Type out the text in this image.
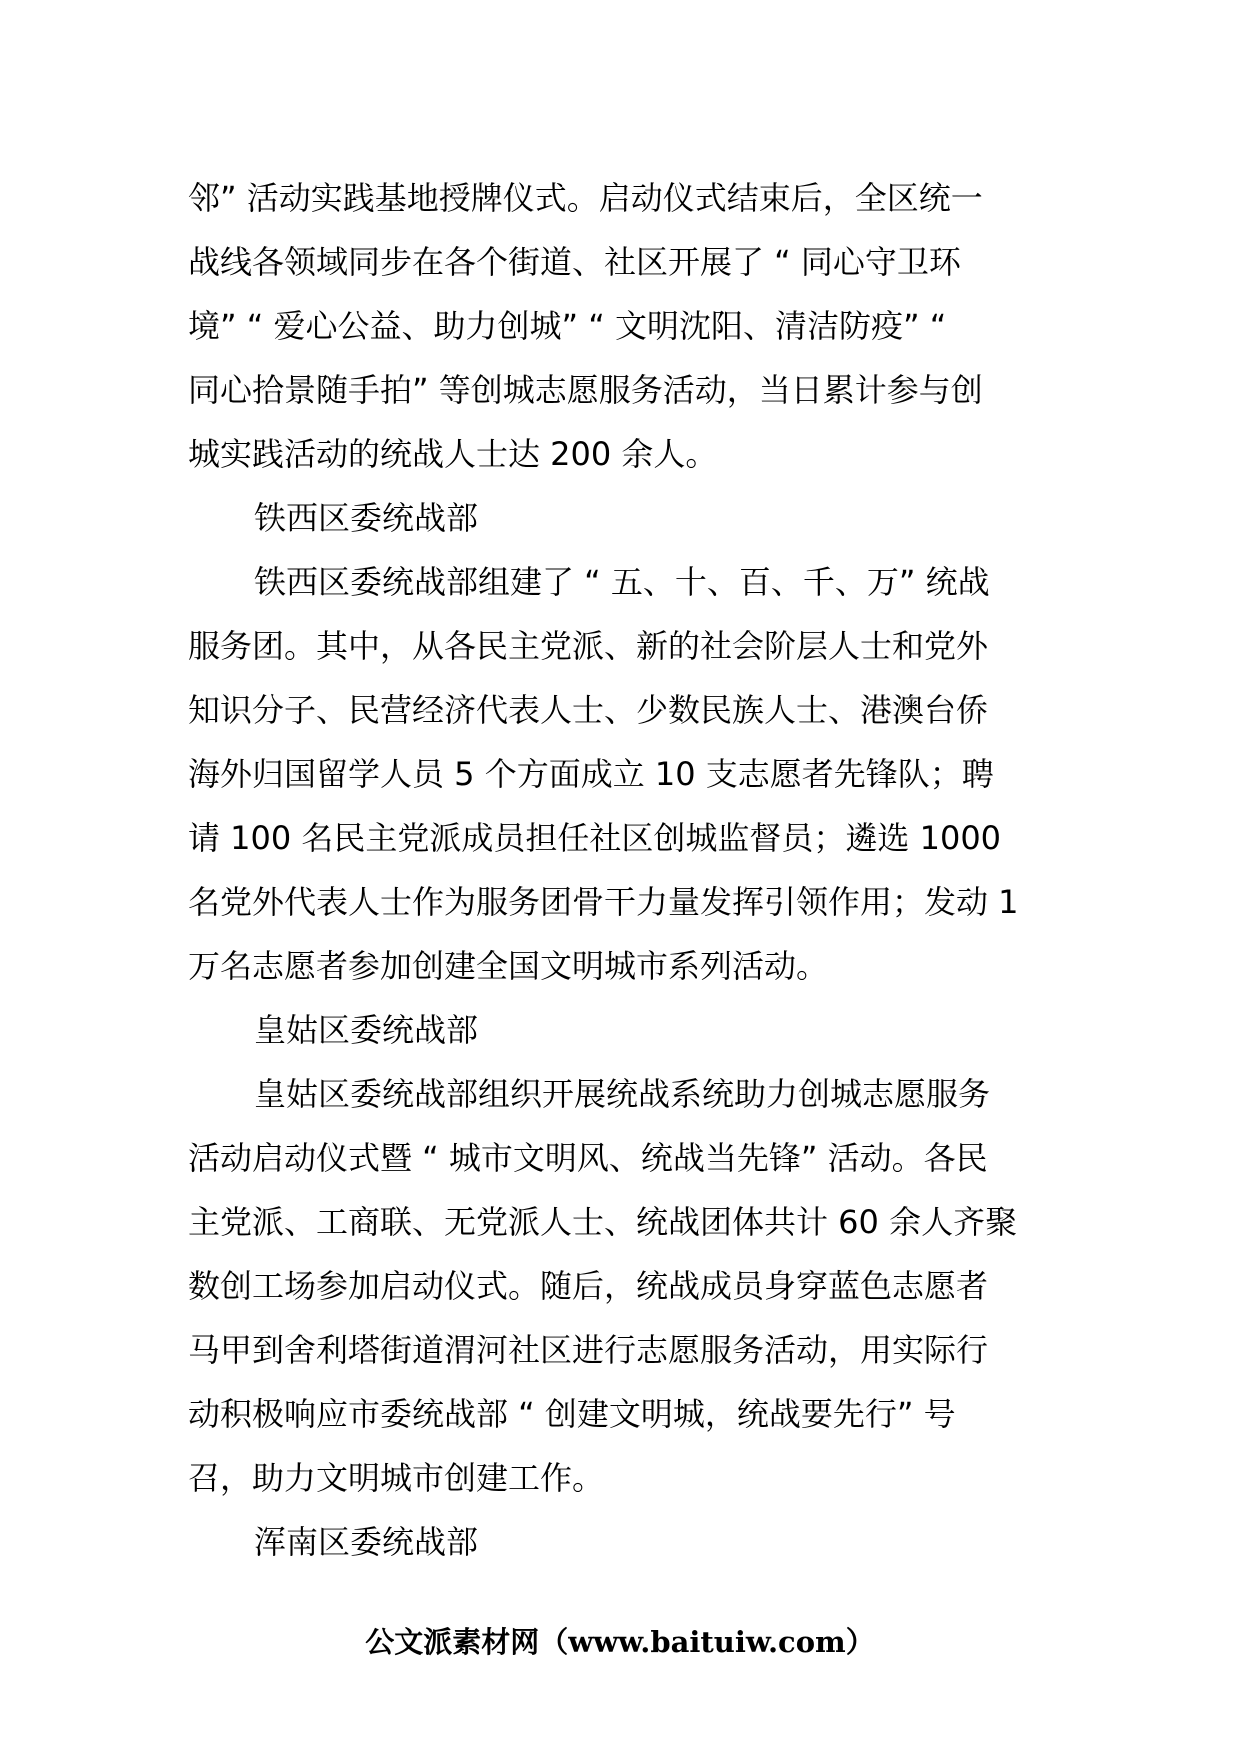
邻” 活动实践基地授牌仪式。启动仪式结束后，全区统一
战线各领域同步在各个街道、社区开展了 “ 同心守卫环
境” “ 爱心公益、助力创城” “ 文明沈阳、清洁防疫” “
同心拾景随手拍” 等创城志愿服务活动，当日累计参与创
城实践活动的统战人士达 200 余人。
铁西区委统战部
铁西区委统战部组建了 “ 五、十、百、千、万” 统战
服务团。其中，从各民主党派、新的社会阶层人士和党外
知识分子、民营经济代表人士、少数民族人士、港澳台侨
海外归国留学人员 5 个方面成立 10 支志愿者先锋队；聘
请 100 名民主党派成员担任社区创城监督员；遴选 1000
名党外代表人士作为服务团骨干力量发挥引领作用；发动 1
万名志愿者参加创建全国文明城市系列活动。
皇姑区委统战部
皇姑区委统战部组织开展统战系统助力创城志愿服务
活动启动仪式暨 “ 城市文明风、统战当先锋” 活动。各民
主党派、工商联、无党派人士、统战团体共计 60 余人齐聚
数创工场参加启动仪式。随后，统战成员身穿蓝色志愿者
马甲到舍利塔街道渭河社区进行志愿服务活动，用实际行
动积极响应市委统战部 “ 创建文明城，统战要先行” 号
召，助力文明城市创建工作。
浑南区委统战部
公文派素材网（www.baituiw.com）
